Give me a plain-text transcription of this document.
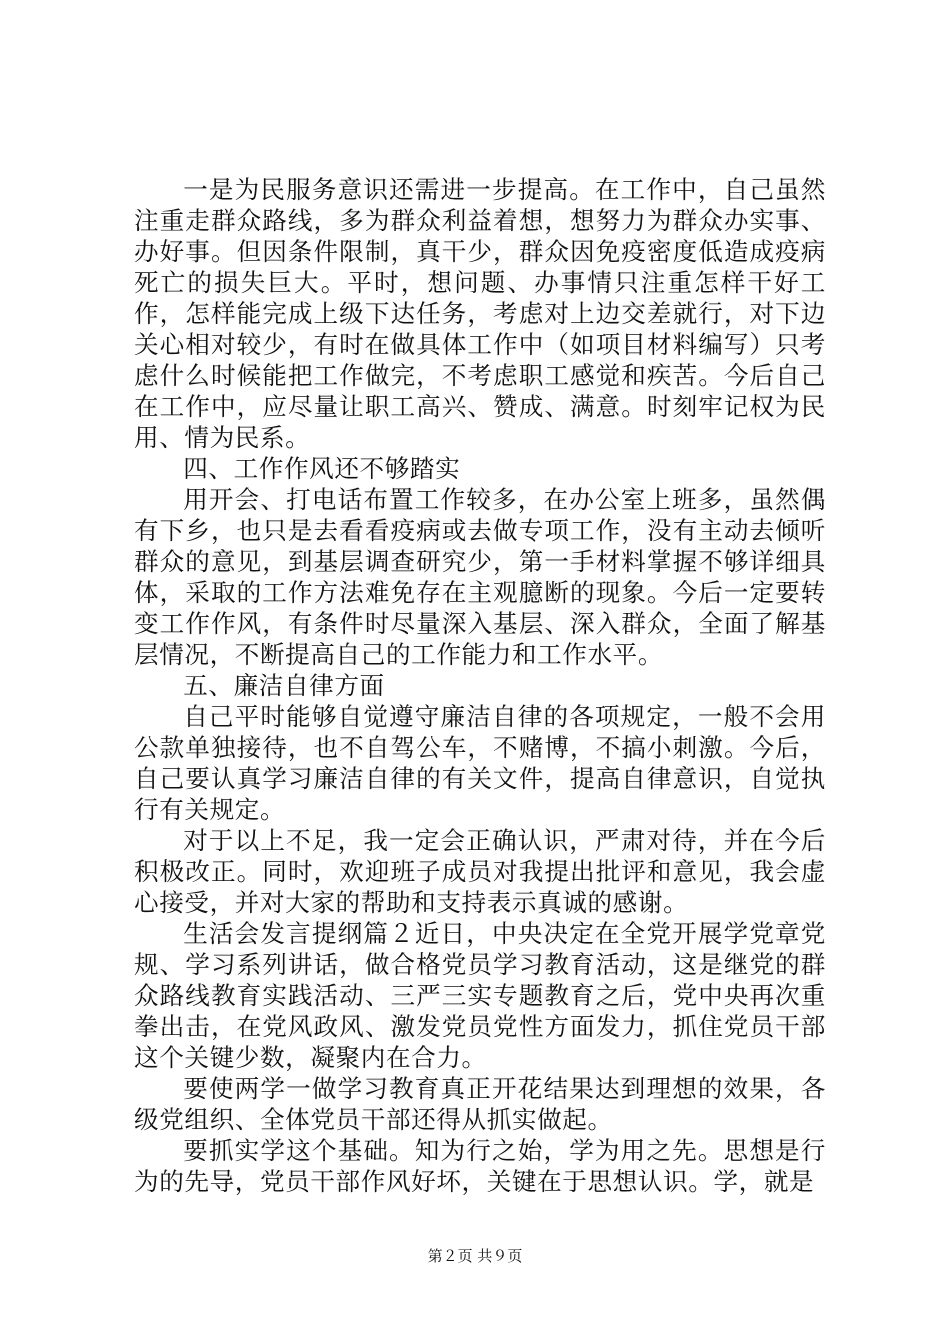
一是为民服务意识还需进一步提高。在工作中，自己虽然注重走群众路线，多为群众利益着想，想努力为群众办实事、办好事。但因条件限制，真干少，群众因免疫密度低造成疫病死亡的损失巨大。平时，想问题、办事情只注重怎样干好工作，怎样能完成上级下达任务，考虑对上边交差就行，对下边关心相对较少，有时在做具体工作中（如项目材料编写）只考虑什么时候能把工作做完，不考虑职工感觉和疾苦。今后自己在工作中，应尽量让职工高兴、赞成、满意。时刻牢记权为民用、情为民系。

四、工作作风还不够踏实

用开会、打电话布置工作较多，在办公室上班多，虽然偶有下乡，也只是去看看疫病或去做专项工作，没有主动去倾听群众的意见，到基层调查研究少，第一手材料掌握不够详细具体，采取的工作方法难免存在主观臆断的现象。今后一定要转变工作作风，有条件时尽量深入基层、深入群众，全面了解基层情况，不断提高自己的工作能力和工作水平。

五、廉洁自律方面

自己平时能够自觉遵守廉洁自律的各项规定，一般不会用公款单独接待，也不自驾公车，不赌博，不搞小刺激。今后，自己要认真学习廉洁自律的有关文件，提高自律意识，自觉执行有关规定。

对于以上不足，我一定会正确认识，严肃对待，并在今后积极改正。同时，欢迎班子成员对我提出批评和意见，我会虚心接受，并对大家的帮助和支持表示真诚的感谢。

生活会发言提纲篇２近日，中央决定在全党开展学党章党规、学习系列讲话，做合格党员学习教育活动，这是继党的群众路线教育实践活动、三严三实专题教育之后，党中央再次重拳出击，在党风政风、激发党员党性方面发力，抓住党员干部这个关键少数，凝聚内在合力。

要使两学一做学习教育真正开花结果达到理想的效果，各级党组织、全体党员干部还得从抓实做起。

要抓实学这个基础。知为行之始，学为用之先。思想是行为的先导，党员干部作风好坏，关键在于思想认识。学，就是

第２页 共９页
